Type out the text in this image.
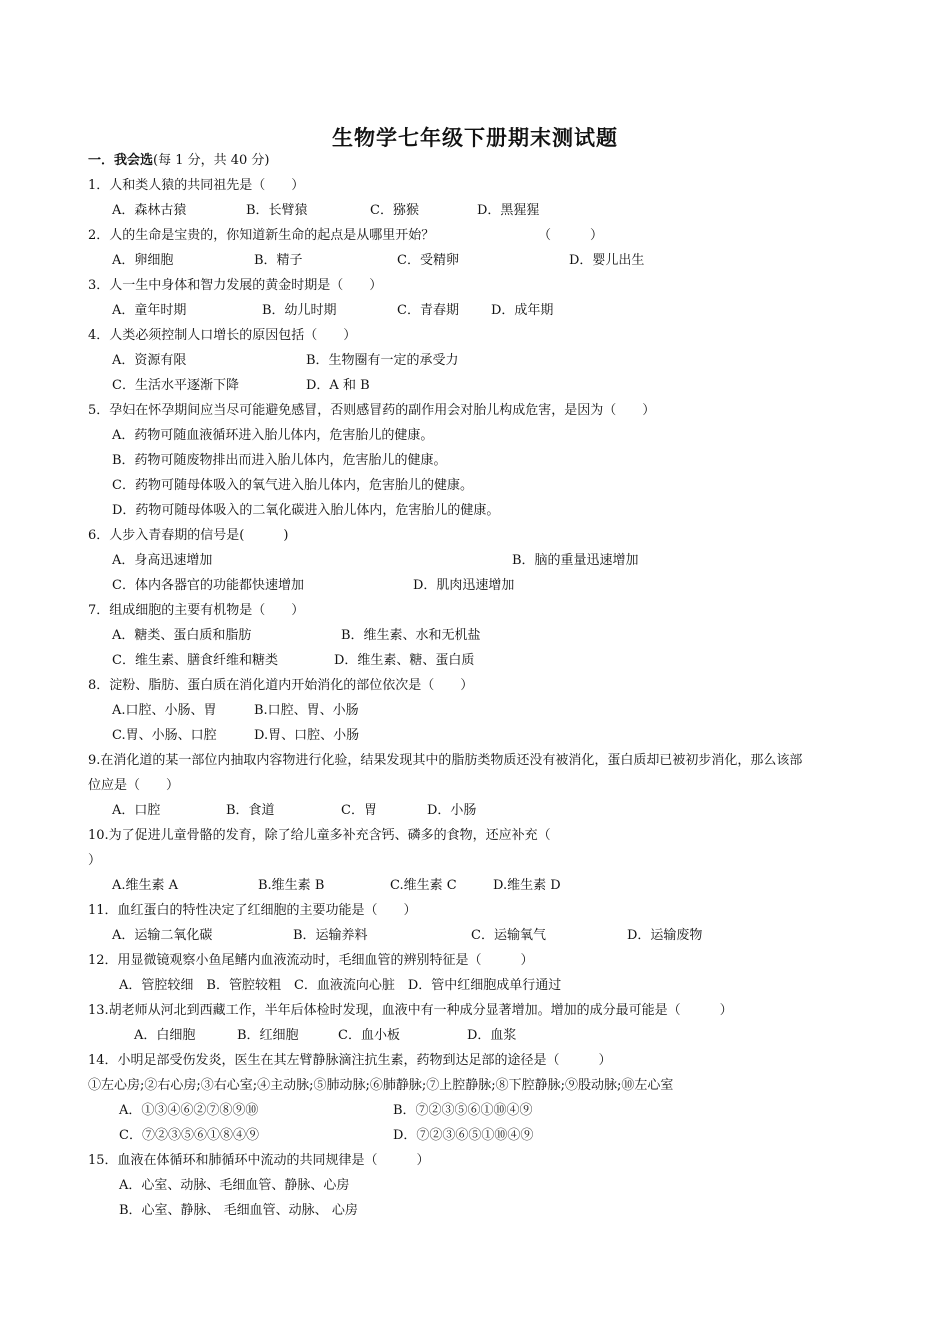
生物学七年级下册期末测试题
一．我会选(每 1 分，共 40 分)
1．人和类人猿的共同祖先是（　　）
A．森林古猿	B．长臂猿	C．猕猴	D．黑猩猩
2．人的生命是宝贵的，你知道新生命的起点是从哪里开始？	（　　　）
A．卵细胞	B．精子	C．受精卵	D．婴儿出生
3．人一生中身体和智力发展的黄金时期是（　　）
A．童年时期	B．幼儿时期	C．青春期 D．成年期
4．人类必须控制人口增长的原因包括（　　）
A．资源有限	B．生物圈有一定的承受力
C．生活水平逐渐下降	D．A 和 B
5．孕妇在怀孕期间应当尽可能避免感冒，否则感冒药的副作用会对胎儿构成危害，是因为（　　）
A．药物可随血液循环进入胎儿体内，危害胎儿的健康。
B．药物可随废物排出而进入胎儿体内，危害胎儿的健康。
C．药物可随母体吸入的氧气进入胎儿体内，危害胎儿的健康。
D．药物可随母体吸入的二氧化碳进入胎儿体内，危害胎儿的健康。
6．人步入青春期的信号是(　　　)
A．身高迅速增加	B．脑的重量迅速增加
C．体内各器官的功能都快速增加	D．肌肉迅速增加
7．组成细胞的主要有机物是（　　）
A．糖类、蛋白质和脂肪	B．维生素、水和无机盐
C．维生素、膳食纤维和糖类	D．维生素、糖、蛋白质
8．淀粉、脂肪、蛋白质在消化道内开始消化的部位依次是（　　）
A.口腔、小肠、胃	B.口腔、胃、小肠
C.胃、小肠、口腔	D.胃、口腔、小肠
9.在消化道的某一部位内抽取内容物进行化验，结果发现其中的脂肪类物质还没有被消化，蛋白质却已被初步消化，那么该部
位应是（　　）
A．口腔	B．食道	C．胃	D．小肠
10.为了促进儿童骨骼的发育，除了给儿童多补充含钙、磷多的食物，还应补充（
）
A.维生素 A	B.维生素 B	C.维生素 C	D.维生素 D
11．血红蛋白的特性决定了红细胞的主要功能是（　　）
A．运输二氧化碳	B．运输养料	C．运输氧气	D．运输废物
12．用显微镜观察小鱼尾鳍内血液流动时，毛细血管的辨别特征是（　　　）
A．管腔较细　B．管腔较粗　C．血液流向心脏　D．管中红细胞成单行通过
13.胡老师从河北到西藏工作，半年后体检时发现，血液中有一种成分显著增加。增加的成分最可能是（　　　）
A．白细胞	B．红细胞	C．血小板	D．血浆
14．小明足部受伤发炎，医生在其左臂静脉滴注抗生素，药物到达足部的途径是（　　　）
①左心房;②右心房;③右心室;④主动脉;⑤肺动脉;⑥肺静脉;⑦上腔静脉;⑧下腔静脉;⑨股动脉;⑩左心室
A．①③④⑥②⑦⑧⑨⑩	B．⑦②③⑤⑥①⑩④⑨
C．⑦②③⑤⑥①⑧④⑨	D．⑦②③⑥⑤①⑩④⑨
15．血液在体循环和肺循环中流动的共同规律是（　　　）
A．心室、动脉、毛细血管、静脉、心房
B．心室、静脉、 毛细血管、动脉、 心房
